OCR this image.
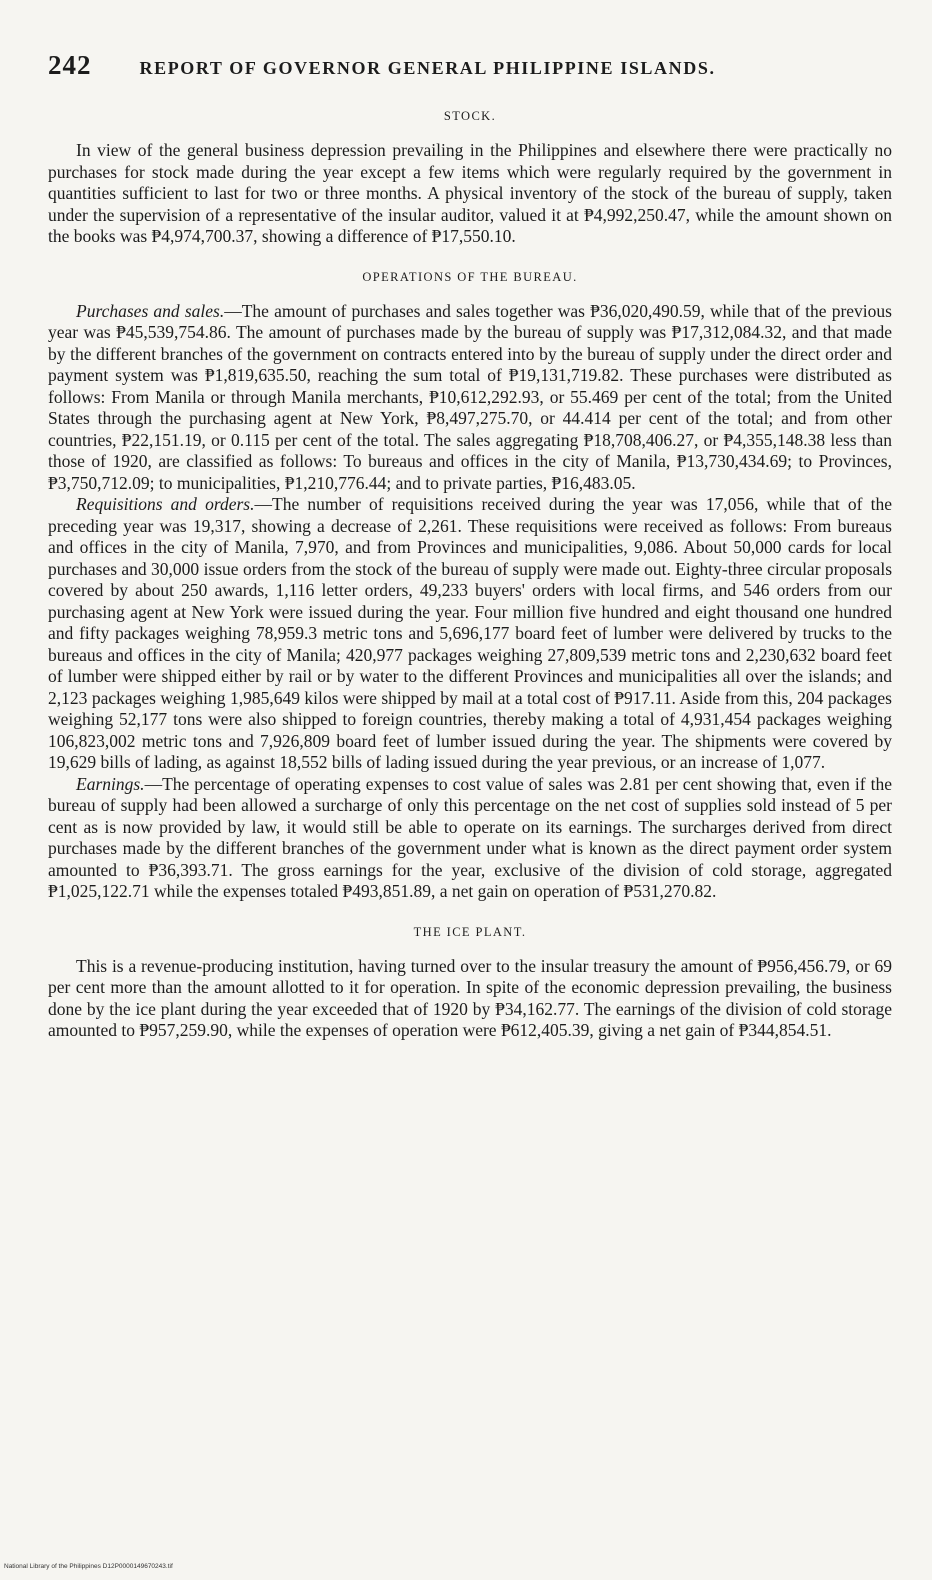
242	REPORT OF GOVERNOR GENERAL PHILIPPINE ISLANDS.
STOCK.

In view of the general business depression prevailing in the Philippines and elsewhere there were practically no purchases for stock made during the year except a few items which were regularly required by the government in quantities sufficient to last for two or three months. A physical inventory of the stock of the bureau of supply, taken under the supervision of a representative of the insular auditor, valued it at ₱4,992,250.47, while the amount shown on the books was ₱4,974,700.37, showing a difference of ₱17,550.10.

OPERATIONS OF THE BUREAU.

Purchases and sales.—The amount of purchases and sales together was ₱36,020,490.59, while that of the previous year was ₱45,539,754.86. The amount of purchases made by the bureau of supply was ₱17,312,084.32, and that made by the different branches of the government on contracts entered into by the bureau of supply under the direct order and payment system was ₱1,819,635.50, reaching the sum total of ₱19,131,719.82. These purchases were distributed as follows: From Manila or through Manila merchants, ₱10,612,292.93, or 55.469 per cent of the total; from the United States through the purchasing agent at New York, ₱8,497,275.70, or 44.414 per cent of the total; and from other countries, ₱22,151.19, or 0.115 per cent of the total. The sales aggregating ₱18,708,406.27, or ₱4,355,148.38 less than those of 1920, are classified as follows: To bureaus and offices in the city of Manila, ₱13,730,434.69; to Provinces, ₱3,750,712.09; to municipalities, ₱1,210,776.44; and to private parties, ₱16,483.05.

Requisitions and orders.—The number of requisitions received during the year was 17,056, while that of the preceding year was 19,317, showing a decrease of 2,261. These requisitions were received as follows: From bureaus and offices in the city of Manila, 7,970, and from Provinces and municipalities, 9,086. About 50,000 cards for local purchases and 30,000 issue orders from the stock of the bureau of supply were made out. Eighty-three circular proposals covered by about 250 awards, 1,116 letter orders, 49,233 buyers' orders with local firms, and 546 orders from our purchasing agent at New York were issued during the year. Four million five hundred and eight thousand one hundred and fifty packages weighing 78,959.3 metric tons and 5,696,177 board feet of lumber were delivered by trucks to the bureaus and offices in the city of Manila; 420,977 packages weighing 27,809,539 metric tons and 2,230,632 board feet of lumber were shipped either by rail or by water to the different Provinces and municipalities all over the islands; and 2,123 packages weighing 1,985,649 kilos were shipped by mail at a total cost of ₱917.11. Aside from this, 204 packages weighing 52,177 tons were also shipped to foreign countries, thereby making a total of 4,931,454 packages weighing 106,823,002 metric tons and 7,926,809 board feet of lumber issued during the year. The shipments were covered by 19,629 bills of lading, as against 18,552 bills of lading issued during the year previous, or an increase of 1,077.

Earnings.—The percentage of operating expenses to cost value of sales was 2.81 per cent showing that, even if the bureau of supply had been allowed a surcharge of only this percentage on the net cost of supplies sold instead of 5 per cent as is now provided by law, it would still be able to operate on its earnings. The surcharges derived from direct purchases made by the different branches of the government under what is known as the direct payment order system amounted to ₱36,393.71. The gross earnings for the year, exclusive of the division of cold storage, aggregated ₱1,025,122.71 while the expenses totaled ₱493,851.89, a net gain on operation of ₱531,270.82.

THE ICE PLANT.

This is a revenue-producing institution, having turned over to the insular treasury the amount of ₱956,456.79, or 69 per cent more than the amount allotted to it for operation. In spite of the economic depression prevailing, the business done by the ice plant during the year exceeded that of 1920 by ₱34,162.77. The earnings of the division of cold storage amounted to ₱957,259.90, while the expenses of operation were ₱612,405.39, giving a net gain of ₱344,854.51.

National Library of the Philippines D12P0000149670243.tif
